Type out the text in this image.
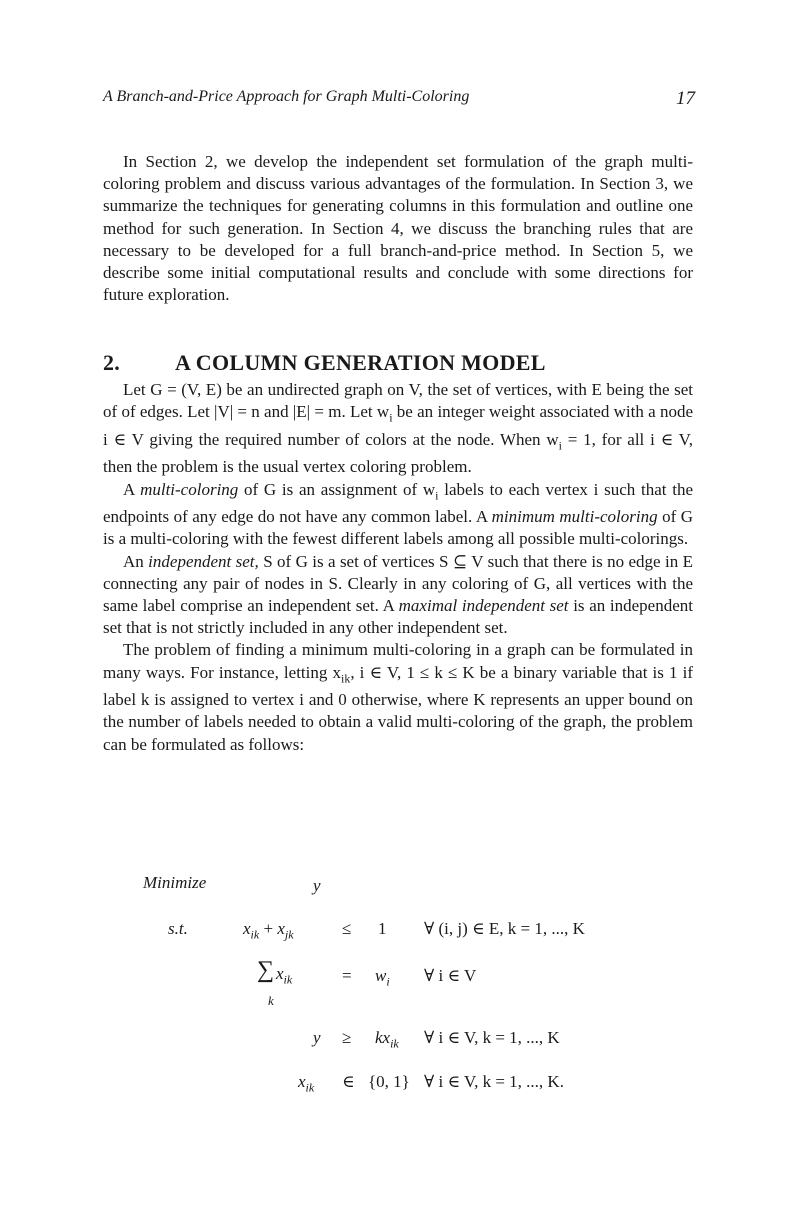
A Branch-and-Price Approach for Graph Multi-Coloring	17

In Section 2, we develop the independent set formulation of the graph multi-coloring problem and discuss various advantages of the formulation. In Section 3, we summarize the techniques for generating columns in this formulation and outline one method for such generation. In Section 4, we discuss the branching rules that are necessary to be developed for a full branch-and-price method. In Section 5, we describe some initial computational results and conclude with some directions for future exploration.

2. A COLUMN GENERATION MODEL

Let G = (V, E) be an undirected graph on V, the set of vertices, with E being the set of of edges. Let |V| = n and |E| = m. Let $w_i$ be an integer weight associated with a node i ∈ V giving the required number of colors at the node. When $w_i = 1$, for all i ∈ V, then the problem is the usual vertex coloring problem.

A multi-coloring of G is an assignment of $w_i$ labels to each vertex i such that the endpoints of any edge do not have any common label. A minimum multi-coloring of G is a multi-coloring with the fewest different labels among all possible multi-colorings.

An independent set, S of G is a set of vertices S ⊆ V such that there is no edge in E connecting any pair of nodes in S. Clearly in any coloring of G, all vertices with the same label comprise an independent set. A maximal independent set is an independent set that is not strictly included in any other independent set.

The problem of finding a minimum multi-coloring in a graph can be formulated in many ways. For instance, letting $x_{ik}$, i ∈ V, 1 ≤ k ≤ K be a binary variable that is 1 if label k is assigned to vertex i and 0 otherwise, where K represents an upper bound on the number of labels needed to obtain a valid multi-coloring of the graph, the problem can be formulated as follows:

Minimize	y
s.t.	$x_{ik} + x_{jk}$	≤ 1 ∀ (i, j) ∈ E, k = 1, ..., K
∑
k
$x_{ik}$	= $w_i$ ∀ i ∈ V
$y \ge kx_{ik}$ ∀ i ∈ V, k = 1, ..., K
$x_{ik}$ ∈ {0, 1} ∀ i ∈ V, k = 1, ..., K.
